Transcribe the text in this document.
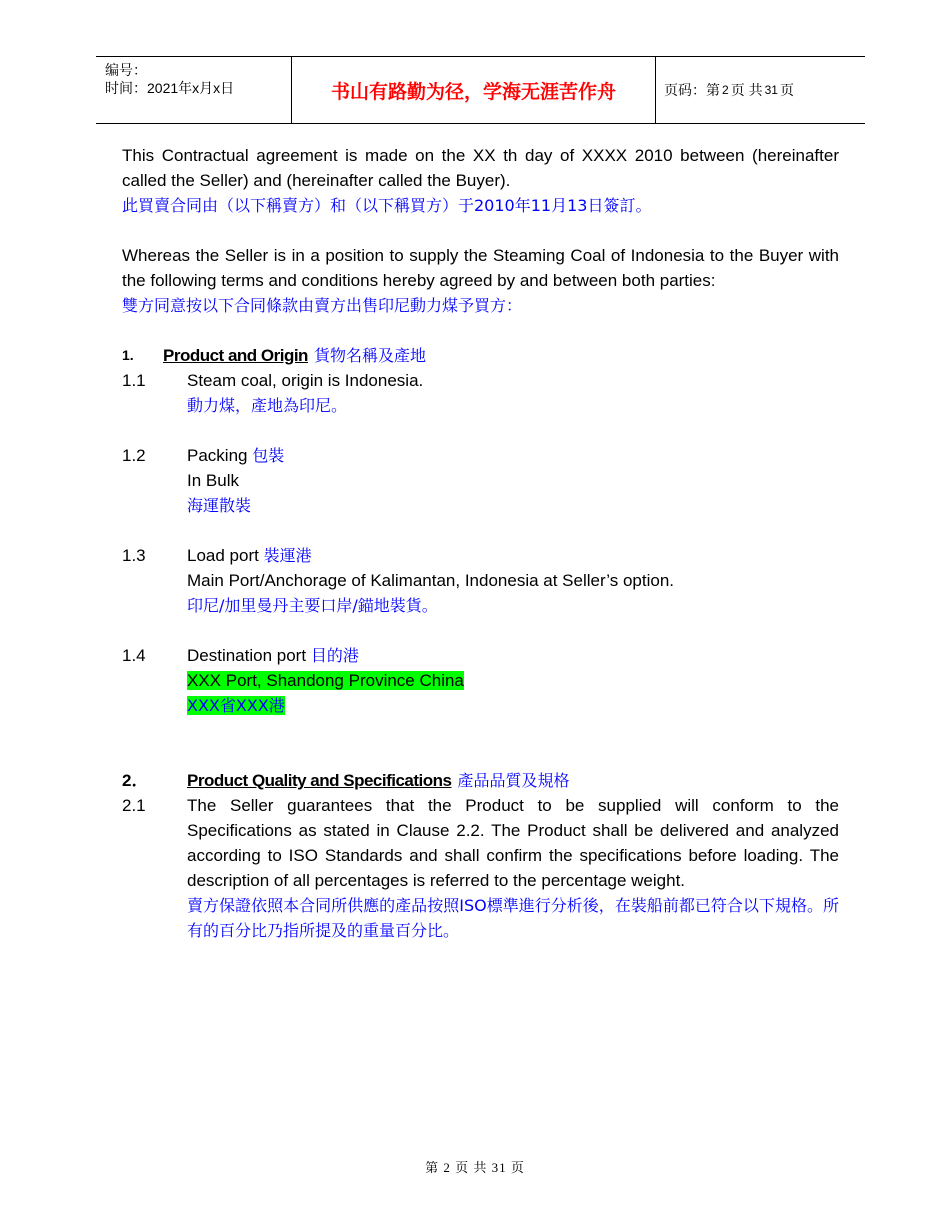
编号：
时间：2021年x月x日	书山有路勤为径，学海无涯苦作舟	页码：第 2 页 共 31 页

This Contractual agreement is made on the XX th day of XXXX 2010 between (hereinafter called the Seller) and (hereinafter called the Buyer).

此買賣合同由（以下稱賣方）和（以下稱買方）于2010年11月13日簽訂。

Whereas the Seller is in a position to supply the Steaming Coal of Indonesia to the Buyer with the following terms and conditions hereby agreed by and between both parties:

雙方同意按以下合同條款由賣方出售印尼動力煤予買方：

1.	Product and Origin 貨物名稱及產地
1.1	Steam coal, origin is Indonesia.
動力煤，產地為印尼。
1.2	Packing 包裝
In Bulk
海運散裝
1.3	Load port 裝運港
Main Port/Anchorage of Kalimantan, Indonesia at Seller’s option.
印尼/加里曼丹主要口岸/錨地裝貨。
1.4	Destination port 目的港
XXX Port, Shandong Province China
XXX省XXX港
2．	Product Quality and Specifications 產品品質及規格
2.1	The Seller guarantees that the Product to be supplied will conform to the Specifications as stated in Clause 2.2. The Product shall be delivered and analyzed according to ISO Standards and shall confirm the specifications before loading. The description of all percentages is referred to the percentage weight.
賣方保證依照本合同所供應的產品按照ISO標準進行分析後，在裝船前都已符合以下規格。所有的百分比乃指所提及的重量百分比。
第 2 页 共 31 页
